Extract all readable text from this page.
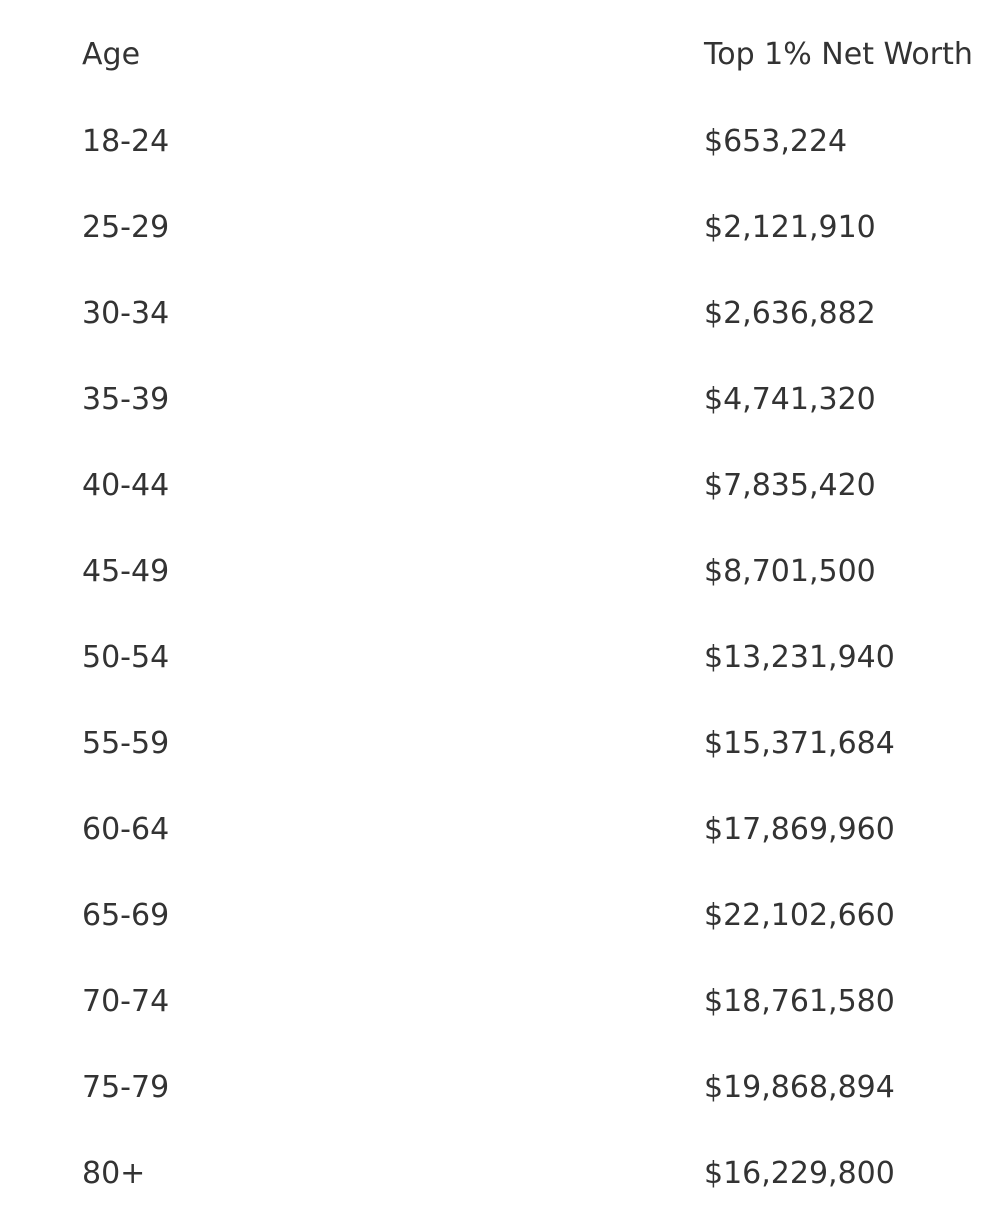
Age	Top 1% Net Worth
18-24	$653,224
25-29	$2,121,910
30-34	$2,636,882
35-39	$4,741,320
40-44	$7,835,420
45-49	$8,701,500
50-54	$13,231,940
55-59	$15,371,684
60-64	$17,869,960
65-69	$22,102,660
70-74	$18,761,580
75-79	$19,868,894
80+	$16,229,800
